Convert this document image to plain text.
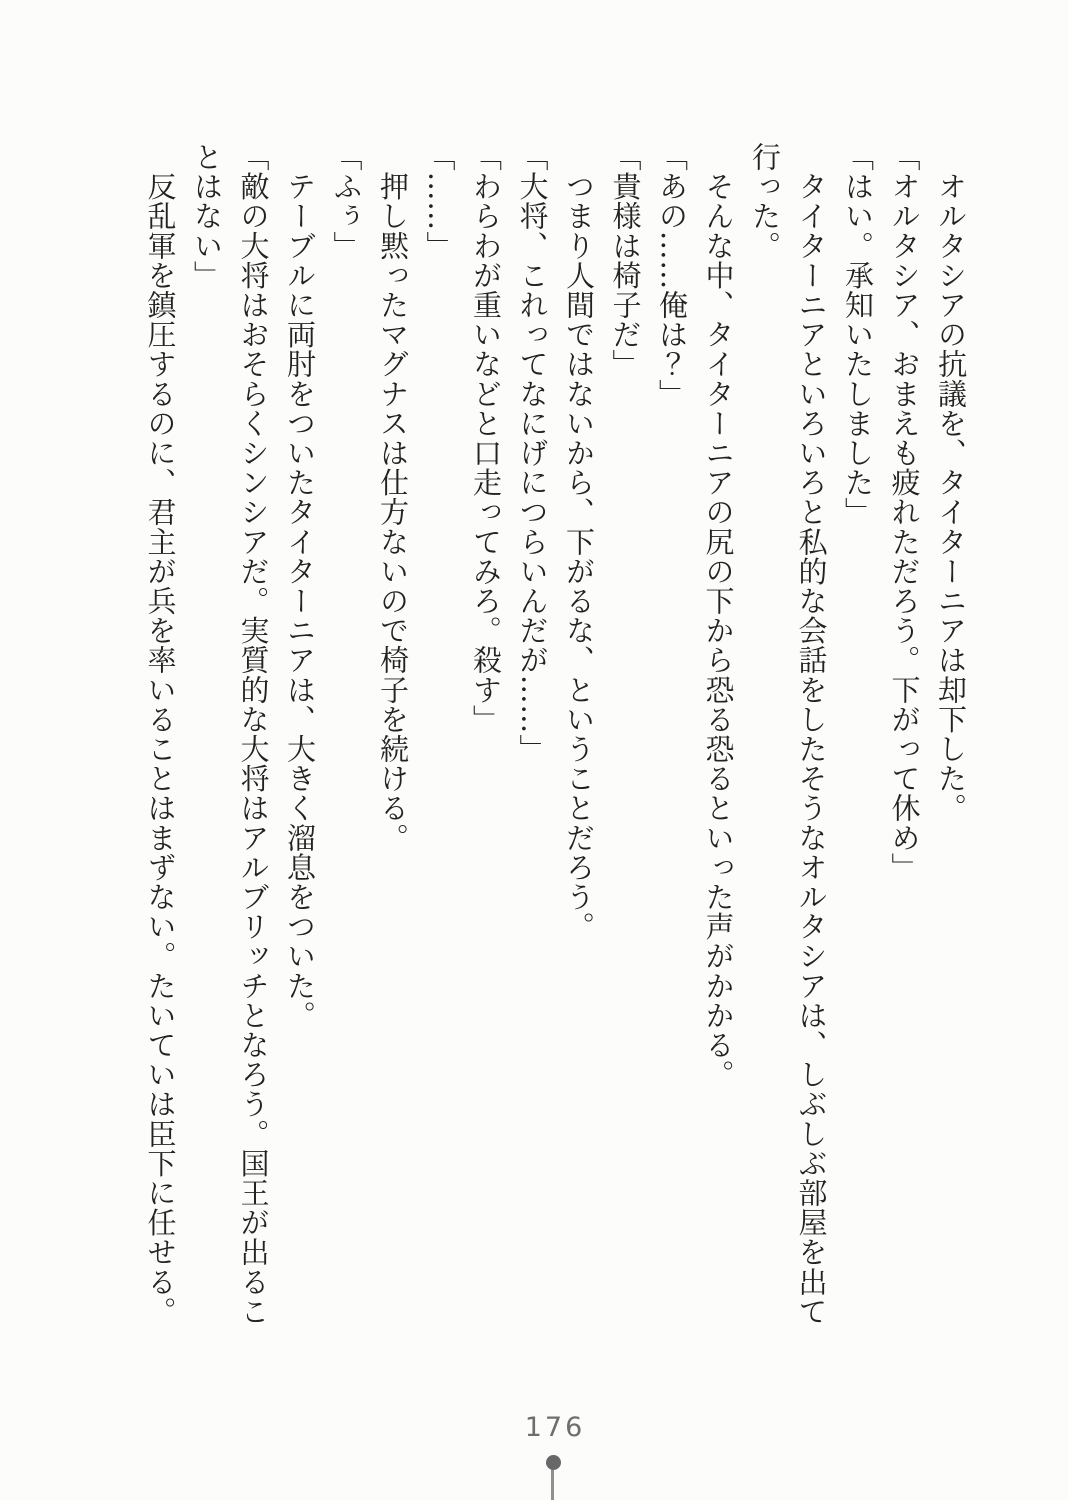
　オルタシアの抗議を、タイターニアは却下した。

「オルタシア、おまえも疲れただろう。下がって休め」

「はい。承知いたしました」

　タイターニアといろいろと私的な会話をしたそうなオルタシアは、しぶしぶ部屋を出て行った。

　そんな中、タイターニアの尻の下から恐る恐るといった声がかかる。

「あの……俺は？」

「貴様は椅子だ」

　つまり人間ではないから、下がるな、ということだろう。

「大将、これってなにげにつらいんだが……」

「わらわが重いなどと口走ってみろ。殺す」

「……」

　押し黙ったマグナスは仕方ないので椅子を続ける。

「ふぅ」

　テーブルに両肘をついたタイターニアは、大きく溜息をついた。

「敵の大将はおそらくシンシアだ。実質的な大将はアルブリッチとなろう。国王が出ることはない」

　反乱軍を鎮圧するのに、君主が兵を率いることはまずない。たいていは臣下に任せる。

176
